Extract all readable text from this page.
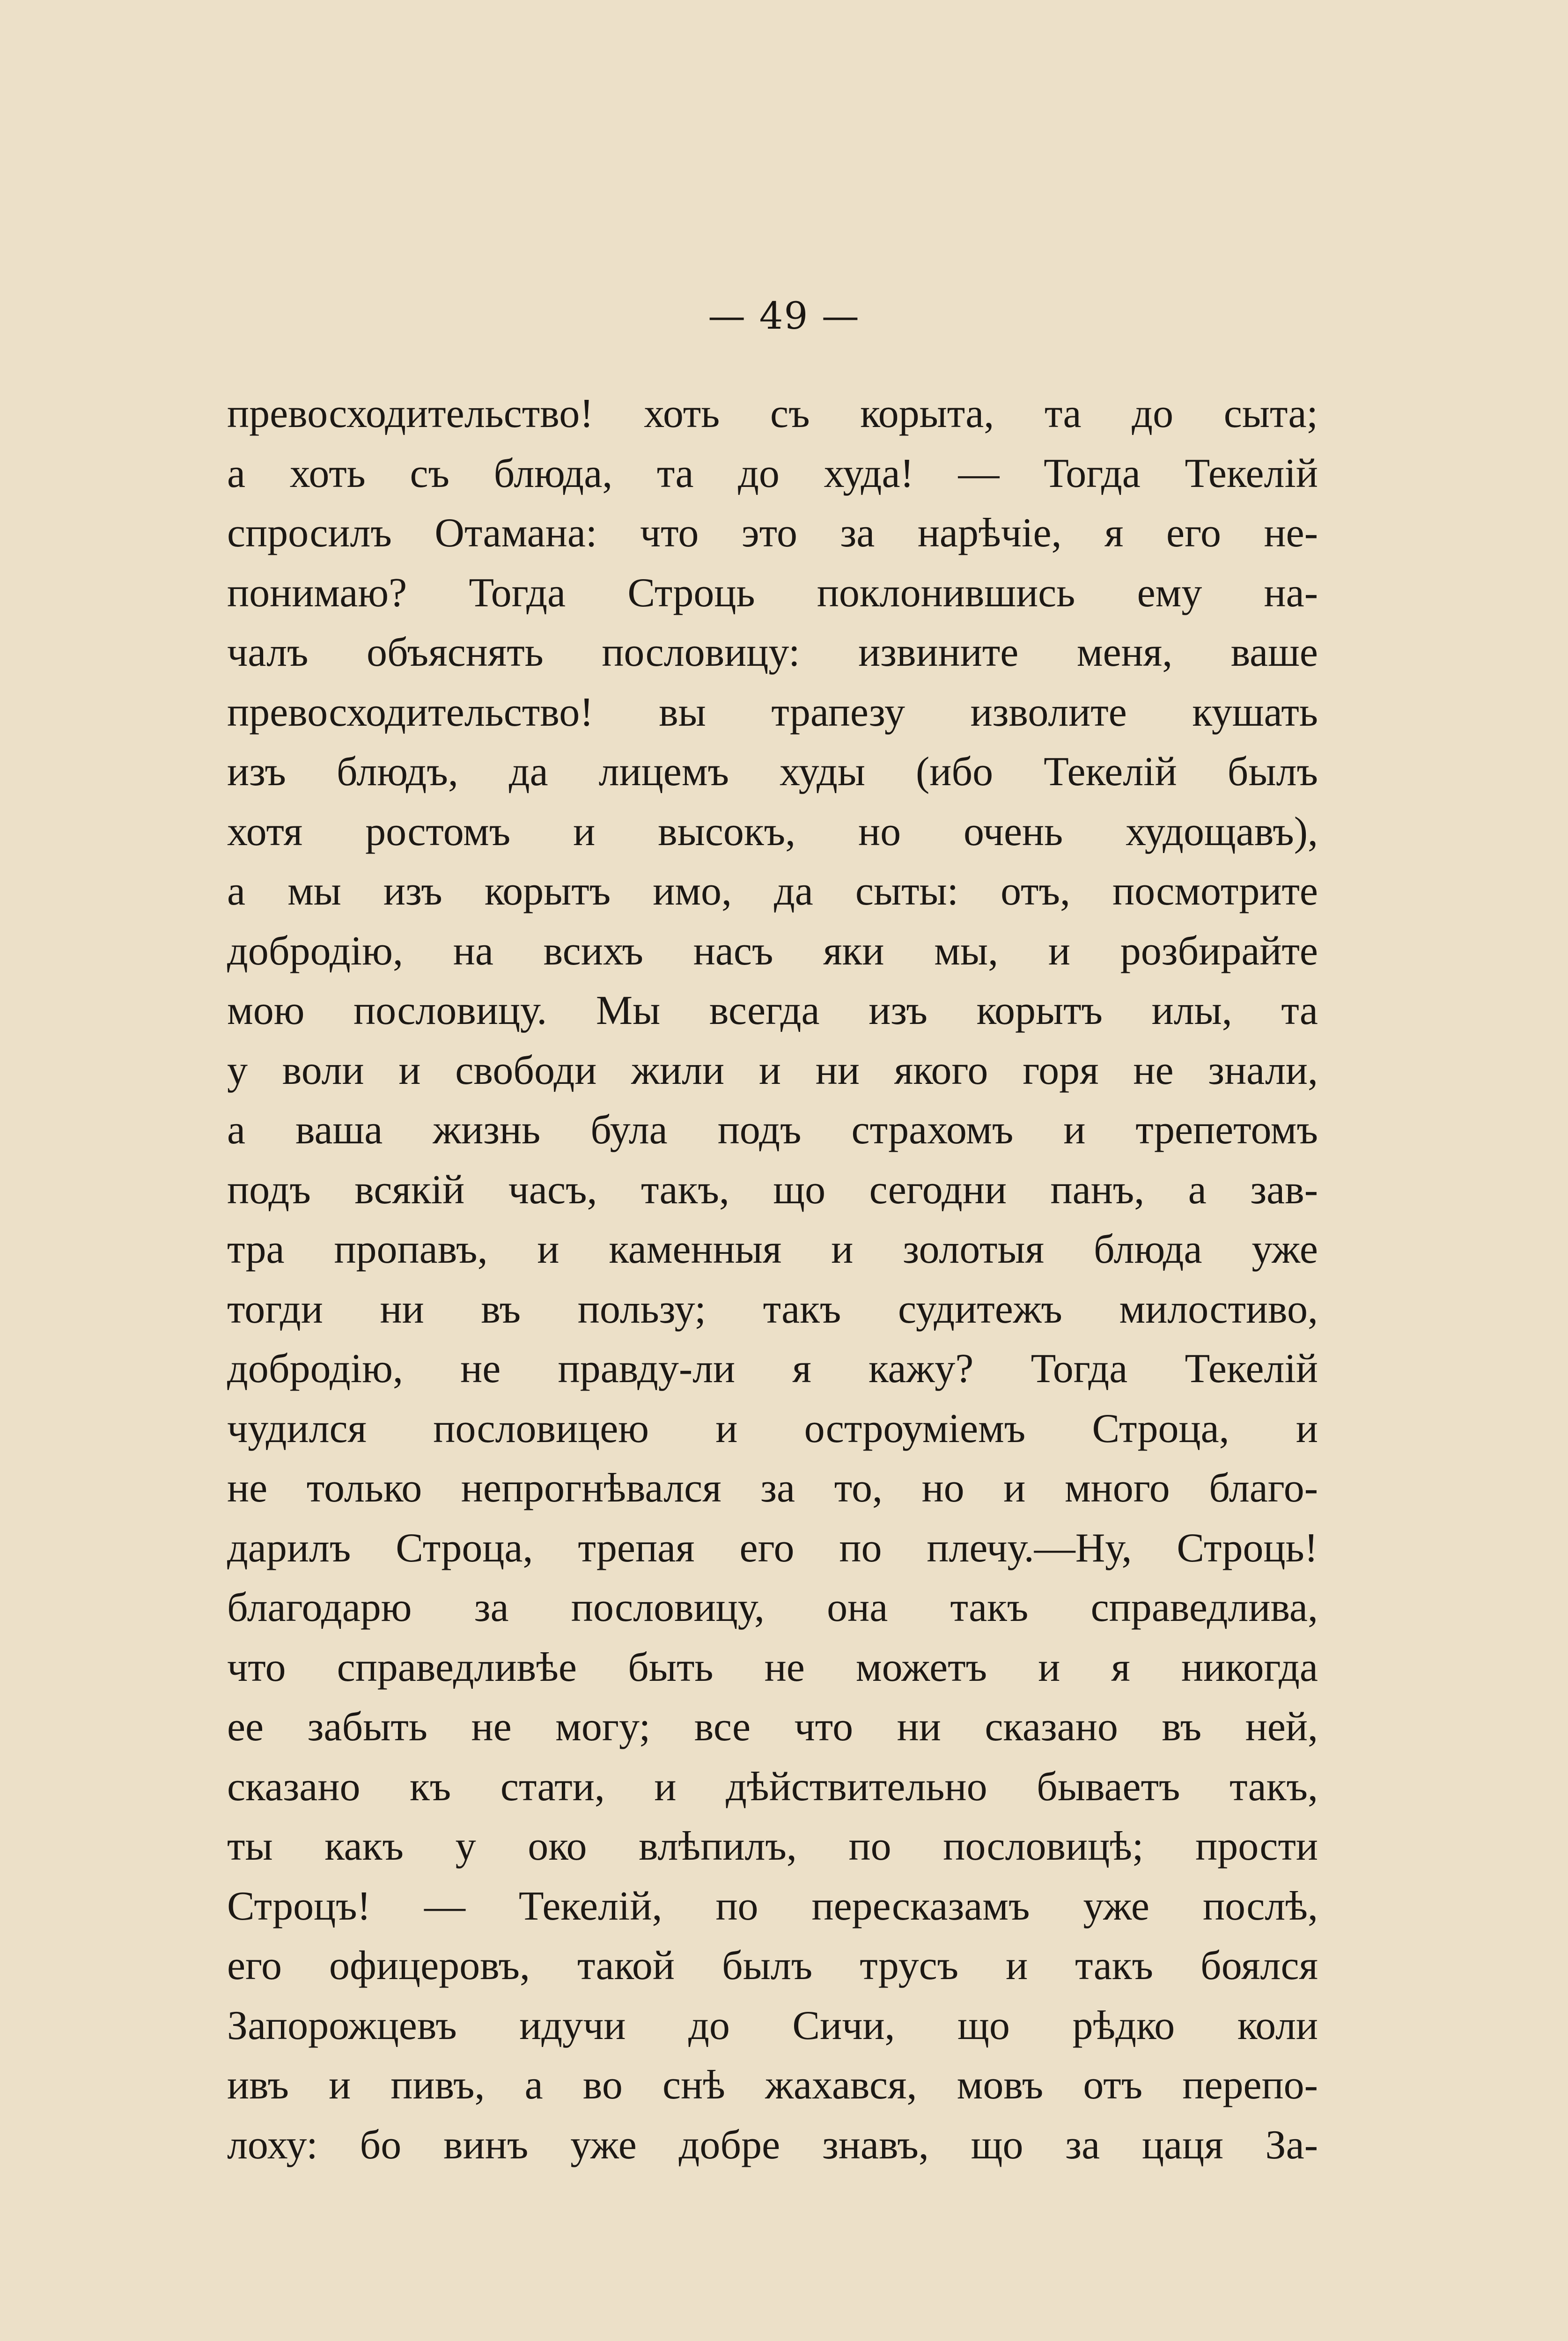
— 49 —
превосходительство! хоть съ корыта, та до сыта;
а хоть съ блюда, та до худа! — Тогда Текелій
спросилъ Отамана: что это за нарѣчіе, я его не-
понимаю? Тогда Строць поклонившись ему на-
чалъ объяснять пословицу: извините меня, ваше
превосходительство! вы трапезу изволите кушать
изъ блюдъ, да лицемъ худы (ибо Текелій былъ
хотя ростомъ и высокъ, но очень худощавъ),
а мы изъ корытъ имо, да сыты: отъ, посмотрите
добродію, на всихъ насъ яки мы, и розбирайте
мою пословицу. Мы всегда изъ корытъ илы, та
у воли и свободи жили и ни якого горя не знали,
а ваша жизнь була подъ страхомъ и трепетомъ
подъ всякій часъ, такъ, що сегодни панъ, а зав-
тра пропавъ, и каменныя и золотыя блюда уже
тогди ни въ пользу; такъ судитежъ милостиво,
добродію, не правду-ли я кажу? Тогда Текелій
чудился пословицею и остроуміемъ Строца, и
не только непрогнѣвался за то, но и много благо-
дарилъ Строца, трепая его по плечу.—Ну, Строць!
благодарю за пословицу, она такъ справедлива,
что справедливѣе быть не можетъ и я никогда
ее забыть не могу; все что ни сказано въ ней,
сказано къ стати, и дѣйствительно бываетъ такъ,
ты какъ у око влѣпилъ, по пословицѣ; прости
Строцъ! — Текелій, по пересказамъ уже послѣ,
его офицеровъ, такой былъ трусъ и такъ боялся
Запорожцевъ идучи до Сичи, що рѣдко коли
ивъ и пивъ, а во снѣ жахався, мовъ отъ перепо-
лоху: бо винъ уже добре знавъ, що за цаця За-
